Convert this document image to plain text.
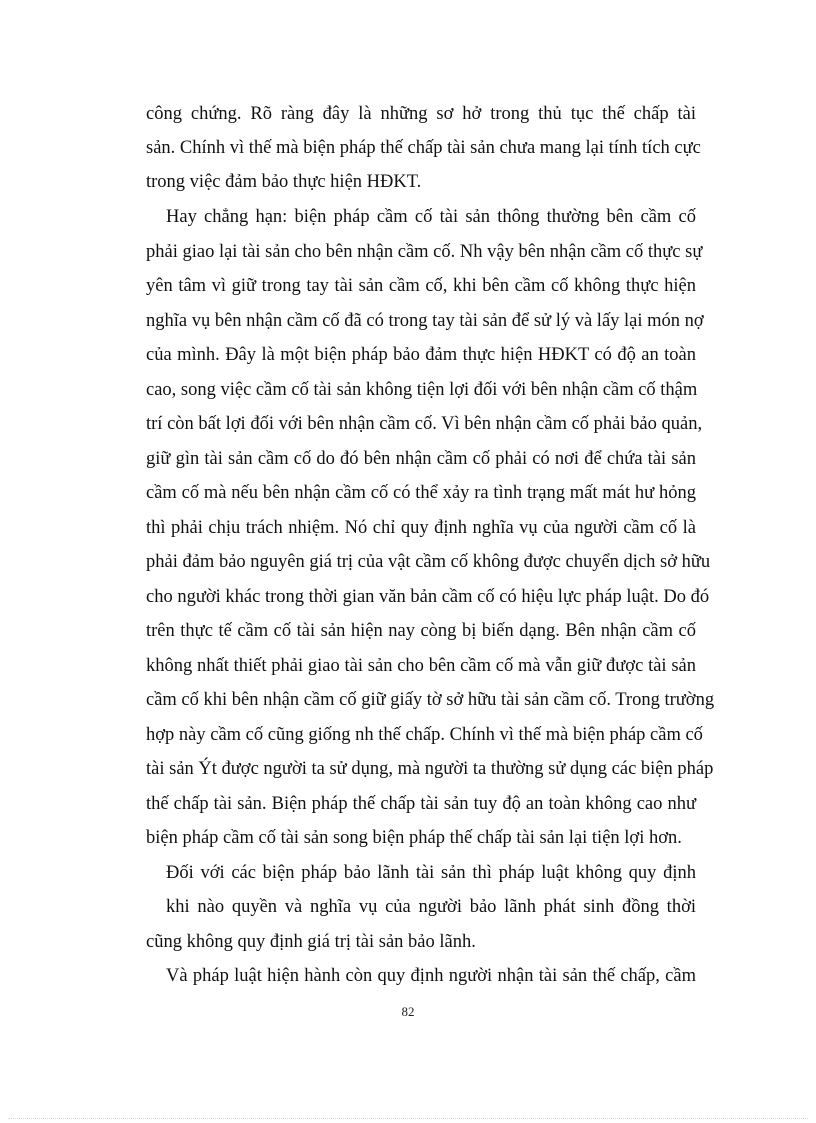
công chứng. Rõ ràng đây là những sơ hở trong thủ tục thế chấp tài
sản. Chính vì thế mà biện pháp thế chấp tài sản chưa mang lại tính tích cực
trong việc đảm bảo thực hiện HĐKT.
Hay chẳng hạn: biện pháp cầm cố tài sản thông thường bên cầm cố
phải giao lại tài sản cho bên nhận cầm cố. Nh vậy bên nhận cầm cố thực sự
yên tâm vì giữ trong tay tài sản cầm cố, khi bên cầm cố không thực hiện
nghĩa vụ bên nhận cầm cố đã có trong tay tài sản để sử lý và lấy lại món nợ
của mình. Đây là một biện pháp bảo đảm thực hiện HĐKT có độ an toàn
cao, song việc cầm cố tài sản không tiện lợi đối với bên nhận cầm cố thậm
trí còn bất lợi đối với bên nhận cầm cố. Vì bên nhận cầm cố phải bảo quản,
giữ gìn tài sản cầm cố do đó bên nhận cầm cố phải có nơi để chứa tài sản
cầm cố mà nếu bên nhận cầm cố có thể xảy ra tình trạng mất mát hư hỏng
thì phải chịu trách nhiệm. Nó chỉ quy định nghĩa vụ của người cầm cố là
phải đảm bảo nguyên giá trị của vật cầm cố không được chuyển dịch sở hữu
cho người khác trong thời gian văn bản cầm cố có hiệu lực pháp luật. Do đó
trên thực tế cầm cố tài sản hiện nay còng bị biến dạng. Bên nhận cầm cố
không nhất thiết phải giao tài sản cho bên cầm cố mà vẫn giữ được tài sản
cầm cố khi bên nhận cầm cố giữ giấy tờ sở hữu tài sản cầm cố. Trong trường
hợp này cầm cố cũng giống nh thế chấp. Chính vì thế mà biện pháp cầm cố
tài sản Ýt được người ta sử dụng, mà người ta thường sử dụng các biện pháp
thế chấp tài sản. Biện pháp thế chấp tài sản tuy độ an toàn không cao như
biện pháp cầm cố tài sản song biện pháp thế chấp tài sản lại tiện lợi hơn.
Đối với các biện pháp bảo lãnh tài sản thì pháp luật không quy định
khi nào quyền và nghĩa vụ của người bảo lãnh phát sinh đồng thời
cũng không quy định giá trị tài sản bảo lãnh.
Và pháp luật hiện hành còn quy định người nhận tài sản thế chấp, cầm
82
